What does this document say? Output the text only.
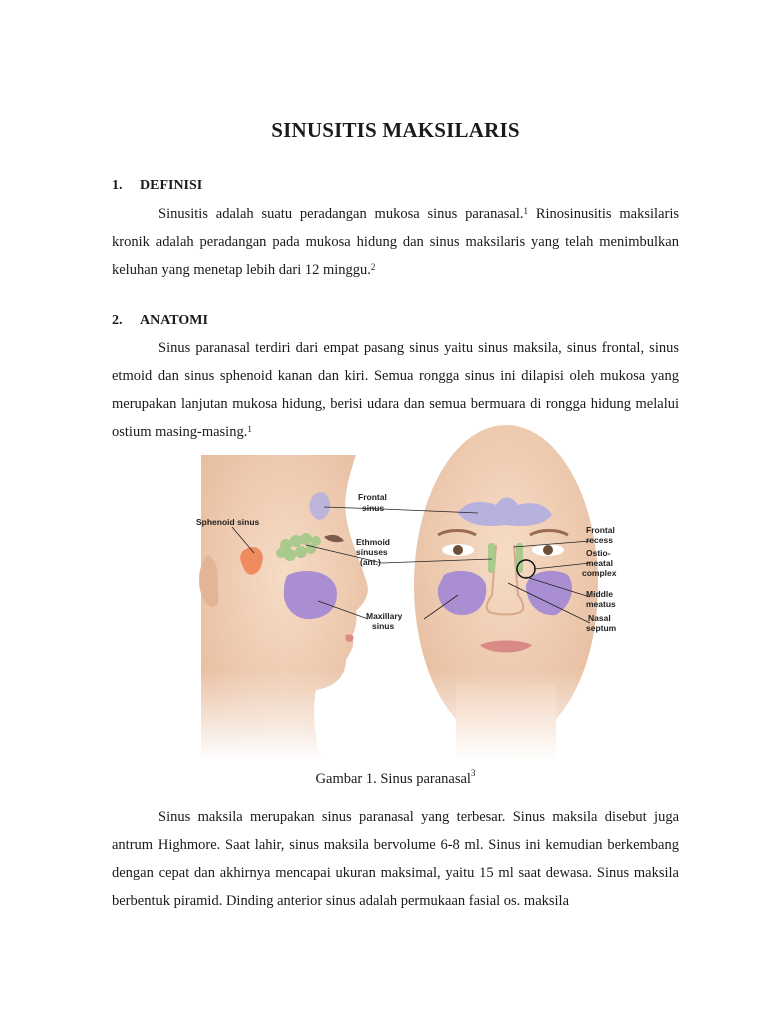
SINUSITIS MAKSILARIS
1. DEFINISI

Sinusitis adalah suatu peradangan mukosa sinus paranasal.$^1$ Rinosinusitis maksilaris kronik adalah peradangan pada mukosa hidung dan sinus maksilaris yang telah menimbulkan keluhan yang menetap lebih dari 12 minggu.$^2$

2. ANATOMI

Sinus paranasal terdiri dari empat pasang sinus yaitu sinus maksila, sinus frontal, sinus etmoid dan sinus sphenoid kanan dan kiri. Semua rongga sinus ini dilapisi oleh mukosa yang merupakan lanjutan mukosa hidung, berisi udara dan semua bermuara di rongga hidung melalui ostium masing-masing.$^1$

Sphenoid sinus
Frontal
sinus
Ethmoid
sinuses
(ant.)
Maxillary
sinus
Frontal
recess
Ostio-
meatal
complex
Middle
meatus
Nasal
septum

Gambar 1. Sinus paranasal$^3$

Sinus maksila merupakan sinus paranasal yang terbesar. Sinus maksila disebut juga antrum Highmore. Saat lahir, sinus maksila bervolume 6-8 ml. Sinus ini kemudian berkembang dengan cepat dan akhirnya mencapai ukuran maksimal, yaitu 15 ml saat dewasa. Sinus maksila berbentuk piramid. Dinding anterior sinus adalah permukaan fasial os. maksila
